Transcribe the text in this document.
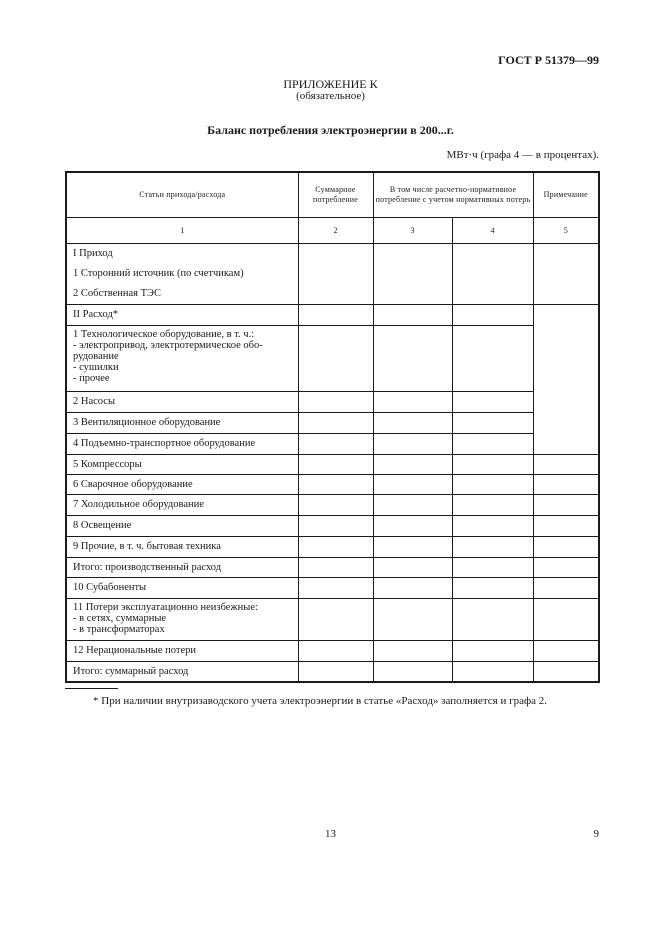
ГОСТ Р 51379—99
ПРИЛОЖЕНИЕ К
(обязательное)
Баланс потребления электроэнергии в 200...г.
МВт·ч (графа 4 — в процентах).
Статьи прихода/расхода	Суммарное потребление	В том числе расчетно-нормативное потребление с учетом нормативных потерь		Примечание
1	2	3	4	5

I Приход
1 Сторонний источник (по счетчикам)
2 Собственная ТЭС				

II Расход*				

1 Технологическое оборудование, в т. ч.:
- электропривод, электротермическое обо-
рудование
- сушилки
- прочее				

2 Насосы				
3 Вентиляционное оборудование				
4 Подъемно-транспортное оборудование				
5 Компрессоры				
6 Сварочное оборудование				
7 Холодильное оборудование				
8 Освещение				
9 Прочие, в т. ч. бытовая техника				
Итого: производственный расход				
10 Субабоненты				

11 Потери эксплуатационно неизбежные:
- в сетях, суммарные
- в трансформаторах				

12 Нерациональные потери				
Итого: суммарный расход				
* При наличии внутризаводского учета электроэнергии в статье «Расход» заполняется и графа 2.
13	9
